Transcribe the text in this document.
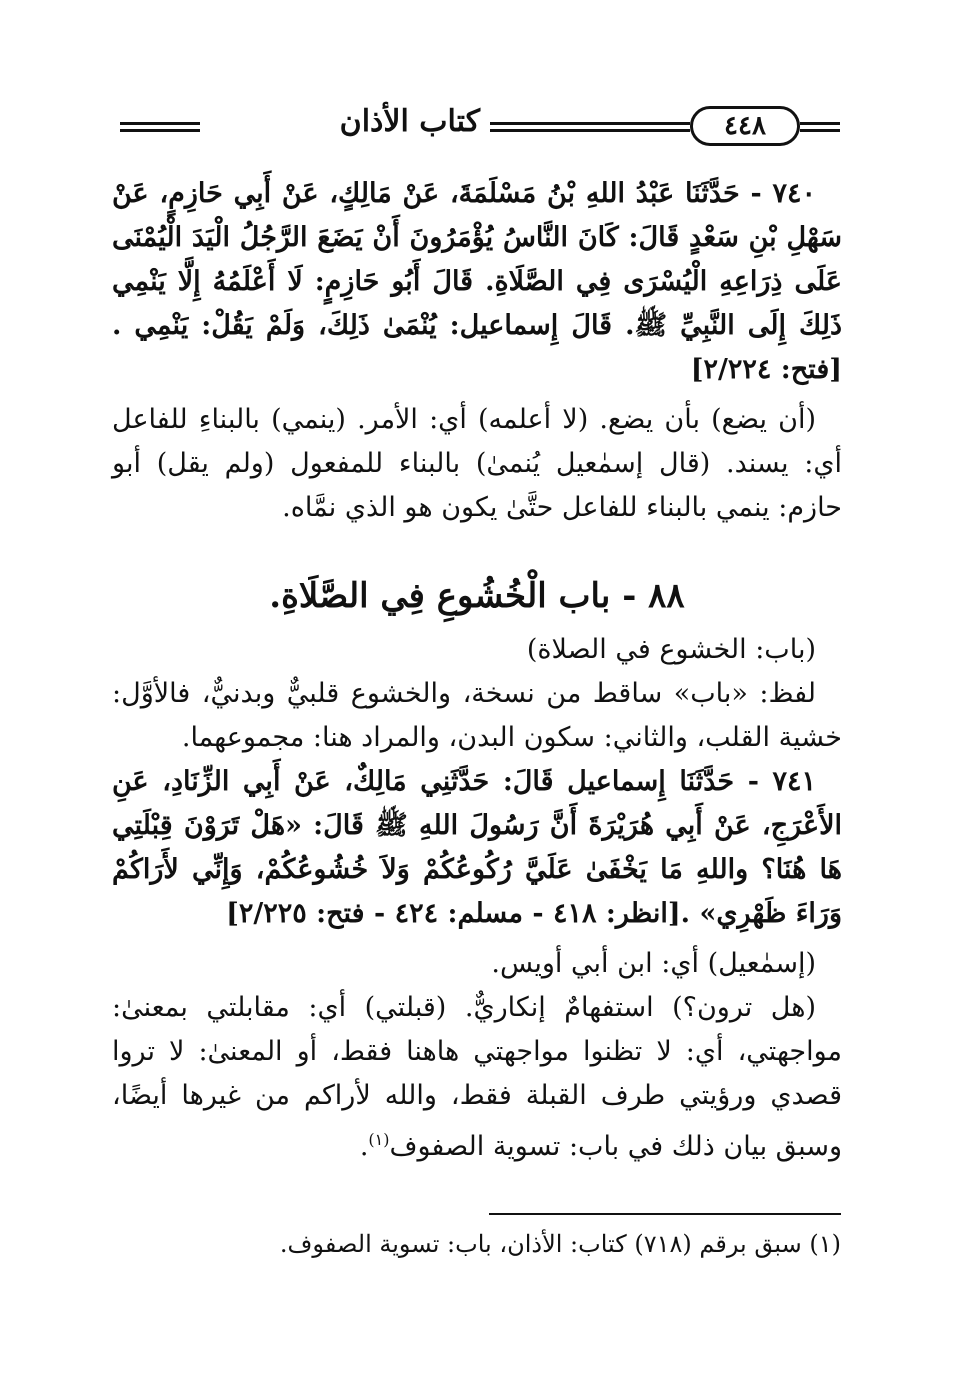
٤٤٨
كتاب الأذان

٧٤٠ - حَدَّثَنَا عَبْدُ اللهِ بْنُ مَسْلَمَةَ، عَنْ مَالِكٍ، عَنْ أَبِي حَازِمٍ، عَنْ سَهْلِ بْنِ سَعْدٍ قَالَ: كَانَ النَّاسُ يُؤْمَرُونَ أَنْ يَضَعَ الرَّجُلُ الْيَدَ الْيُمْنَى عَلَى ذِرَاعِهِ الْيُسْرَى فِي الصَّلَاةِ. قَالَ أَبُو حَازِمٍ: لَا أَعْلَمُهُ إِلَّا يَنْمِي ذَلِكَ إِلَى النَّبِيِّ ﷺ. قَالَ إِسماعيل: يُنْمَىٰ ذَلِكَ، وَلَمْ يَقُلْ: يَنْمِي .[فتح: ٢/٢٢٤]

(أن يضع) بأن يضع. (لا أعلمه) أي: الأمر. (ينمي) بالبناءِ للفاعل أي: يسند. (قال إسمٰعيل يُنمىٰ) بالبناء للمفعول (ولم يقل) أبو حازم: ينمي بالبناء للفاعل حتَّىٰ يكون هو الذي نمَّاه.

٨٨ - باب الْخُشُوعِ فِي الصَّلَاةِ.

(باب: الخشوع في الصلاة)

لفظ: «باب» ساقط من نسخة، والخشوع قلبيٌّ وبدنيٌّ، فالأوَّل: خشية القلب، والثاني: سكون البدن، والمراد هنا: مجموعهما.

٧٤١ - حَدَّثَنَا إِسماعيل قَالَ: حَدَّثَنِي مَالِكٌ، عَنْ أَبِي الزِّنَادِ، عَنِ الأَعْرَجِ، عَنْ أَبِي هُرَيْرَةَ أَنَّ رَسُولَ اللهِ ﷺ قَالَ: «هَلْ تَرَوْنَ قِبْلَتِي هَا هُنَا؟ واللهِ مَا يَخْفَىٰ عَلَيَّ رُكُوعُكُمْ وَلاَ خُشُوعُكُمْ، وَإِنِّي لأَرَاكُمْ وَرَاءَ ظَهْرِي» .[انظر: ٤١٨ - مسلم: ٤٢٤ - فتح: ٢/٢٢٥]

(إسمٰعيل) أي: ابن أبي أويس.

(هل ترون؟) استفهامٌ إنكاريٌّ. (قبلتي) أي: مقابلتي بمعنىٰ: مواجهتي، أي: لا تظنوا مواجهتي هاهنا فقط، أو المعنىٰ: لا تروا قصدي ورؤيتي طرف القبلة فقط، والله لأراكم من غيرها أيضًا، وسبق بيان ذلك في باب: تسوية الصفوف$^{(١)}$.

(١) سبق برقم (٧١٨) كتاب: الأذان، باب: تسوية الصفوف.
